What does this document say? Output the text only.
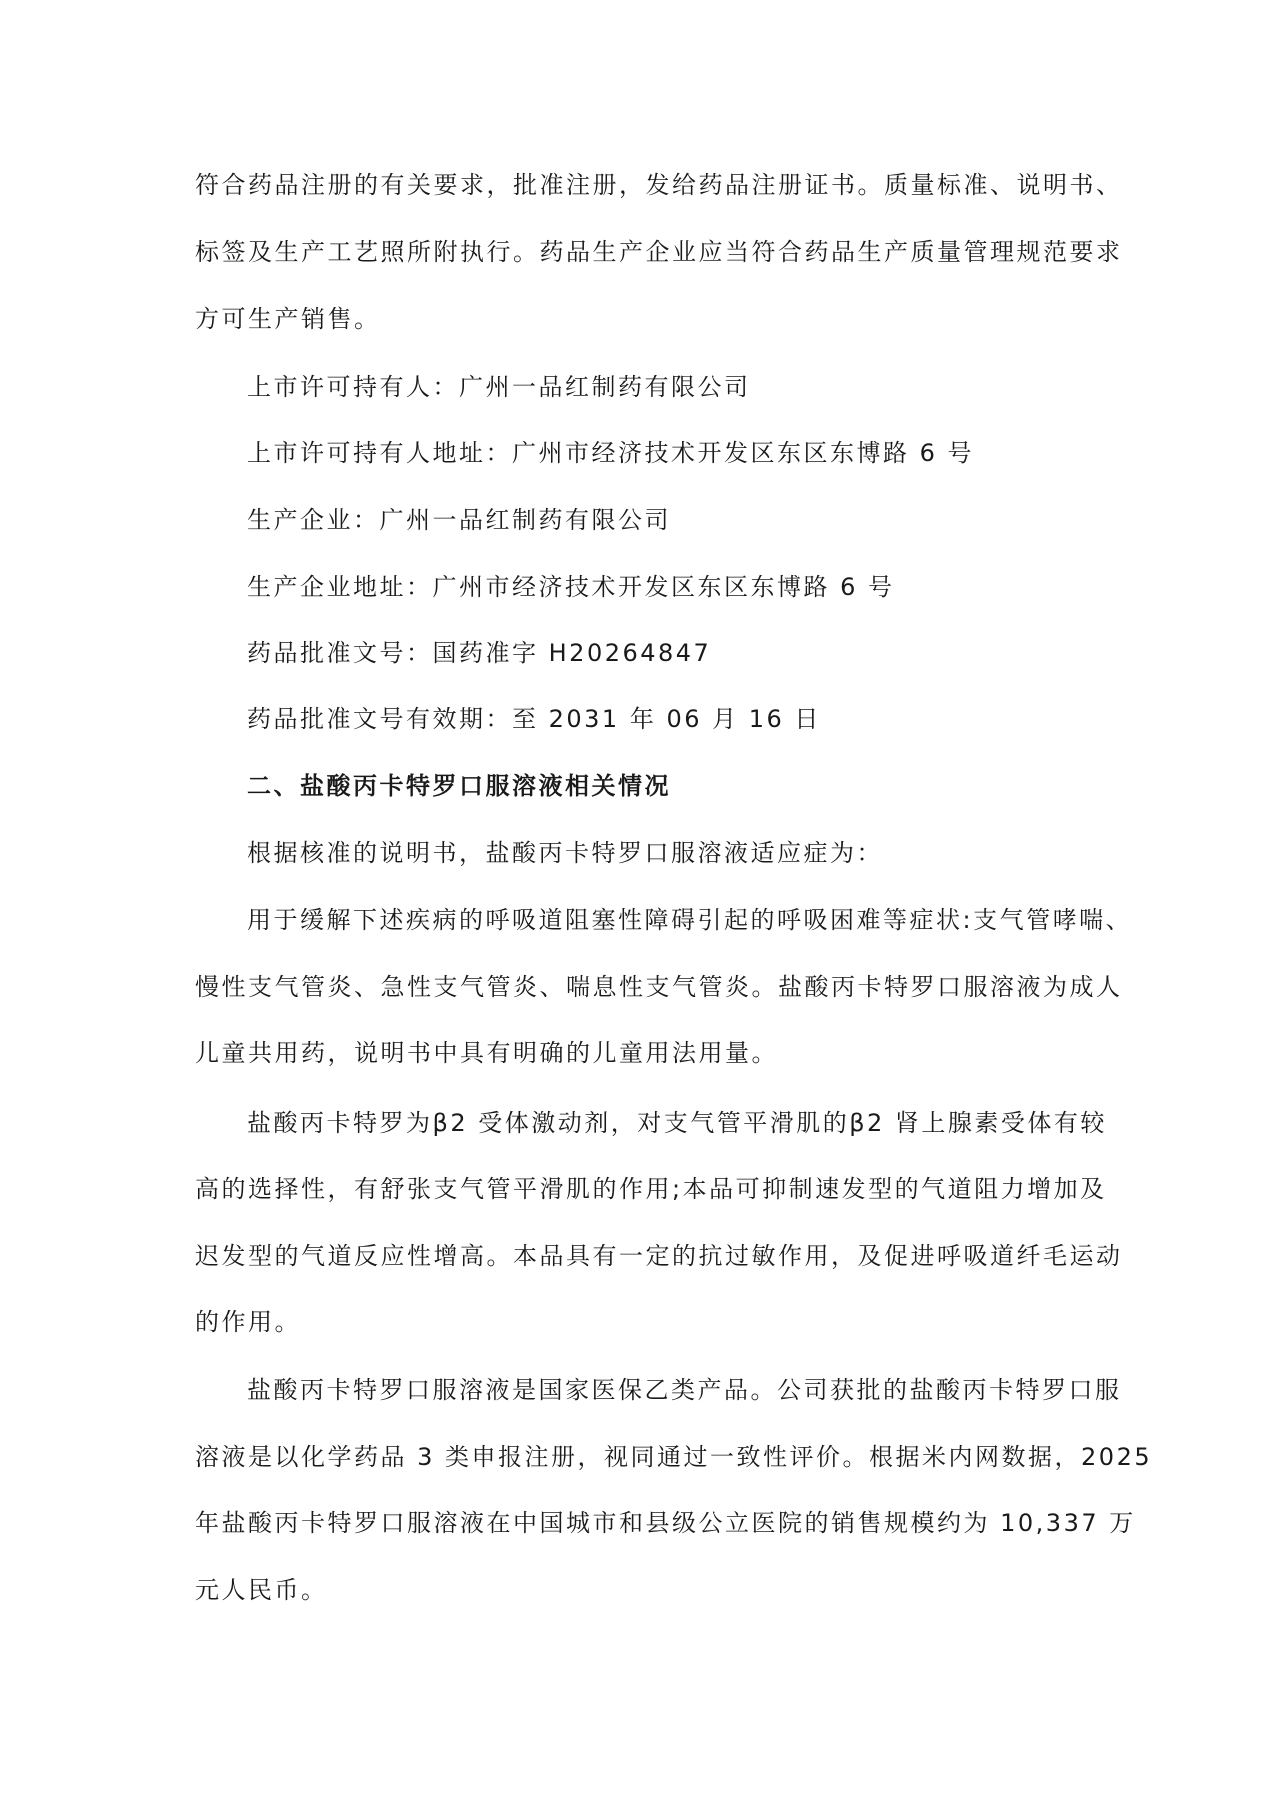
符合药品注册的有关要求，批准注册，发给药品注册证书。质量标准、说明书、
标签及生产工艺照所附执行。药品生产企业应当符合药品生产质量管理规范要求
方可生产销售。
上市许可持有人：广州一品红制药有限公司
上市许可持有人地址：广州市经济技术开发区东区东博路 6 号
生产企业：广州一品红制药有限公司
生产企业地址：广州市经济技术开发区东区东博路 6 号
药品批准文号：国药准字 H20264847
药品批准文号有效期：至 2031 年 06 月 16 日
二、盐酸丙卡特罗口服溶液相关情况
根据核准的说明书，盐酸丙卡特罗口服溶液适应症为：
用于缓解下述疾病的呼吸道阻塞性障碍引起的呼吸困难等症状:支气管哮喘、
慢性支气管炎、急性支气管炎、喘息性支气管炎。盐酸丙卡特罗口服溶液为成人
儿童共用药，说明书中具有明确的儿童用法用量。
盐酸丙卡特罗为β2 受体激动剂，对支气管平滑肌的β2 肾上腺素受体有较
高的选择性，有舒张支气管平滑肌的作用;本品可抑制速发型的气道阻力增加及
迟发型的气道反应性增高。本品具有一定的抗过敏作用，及促进呼吸道纤毛运动
的作用。
盐酸丙卡特罗口服溶液是国家医保乙类产品。公司获批的盐酸丙卡特罗口服
溶液是以化学药品 3 类申报注册，视同通过一致性评价。根据米内网数据，2025
年盐酸丙卡特罗口服溶液在中国城市和县级公立医院的销售规模约为 10,337 万
元人民币。
